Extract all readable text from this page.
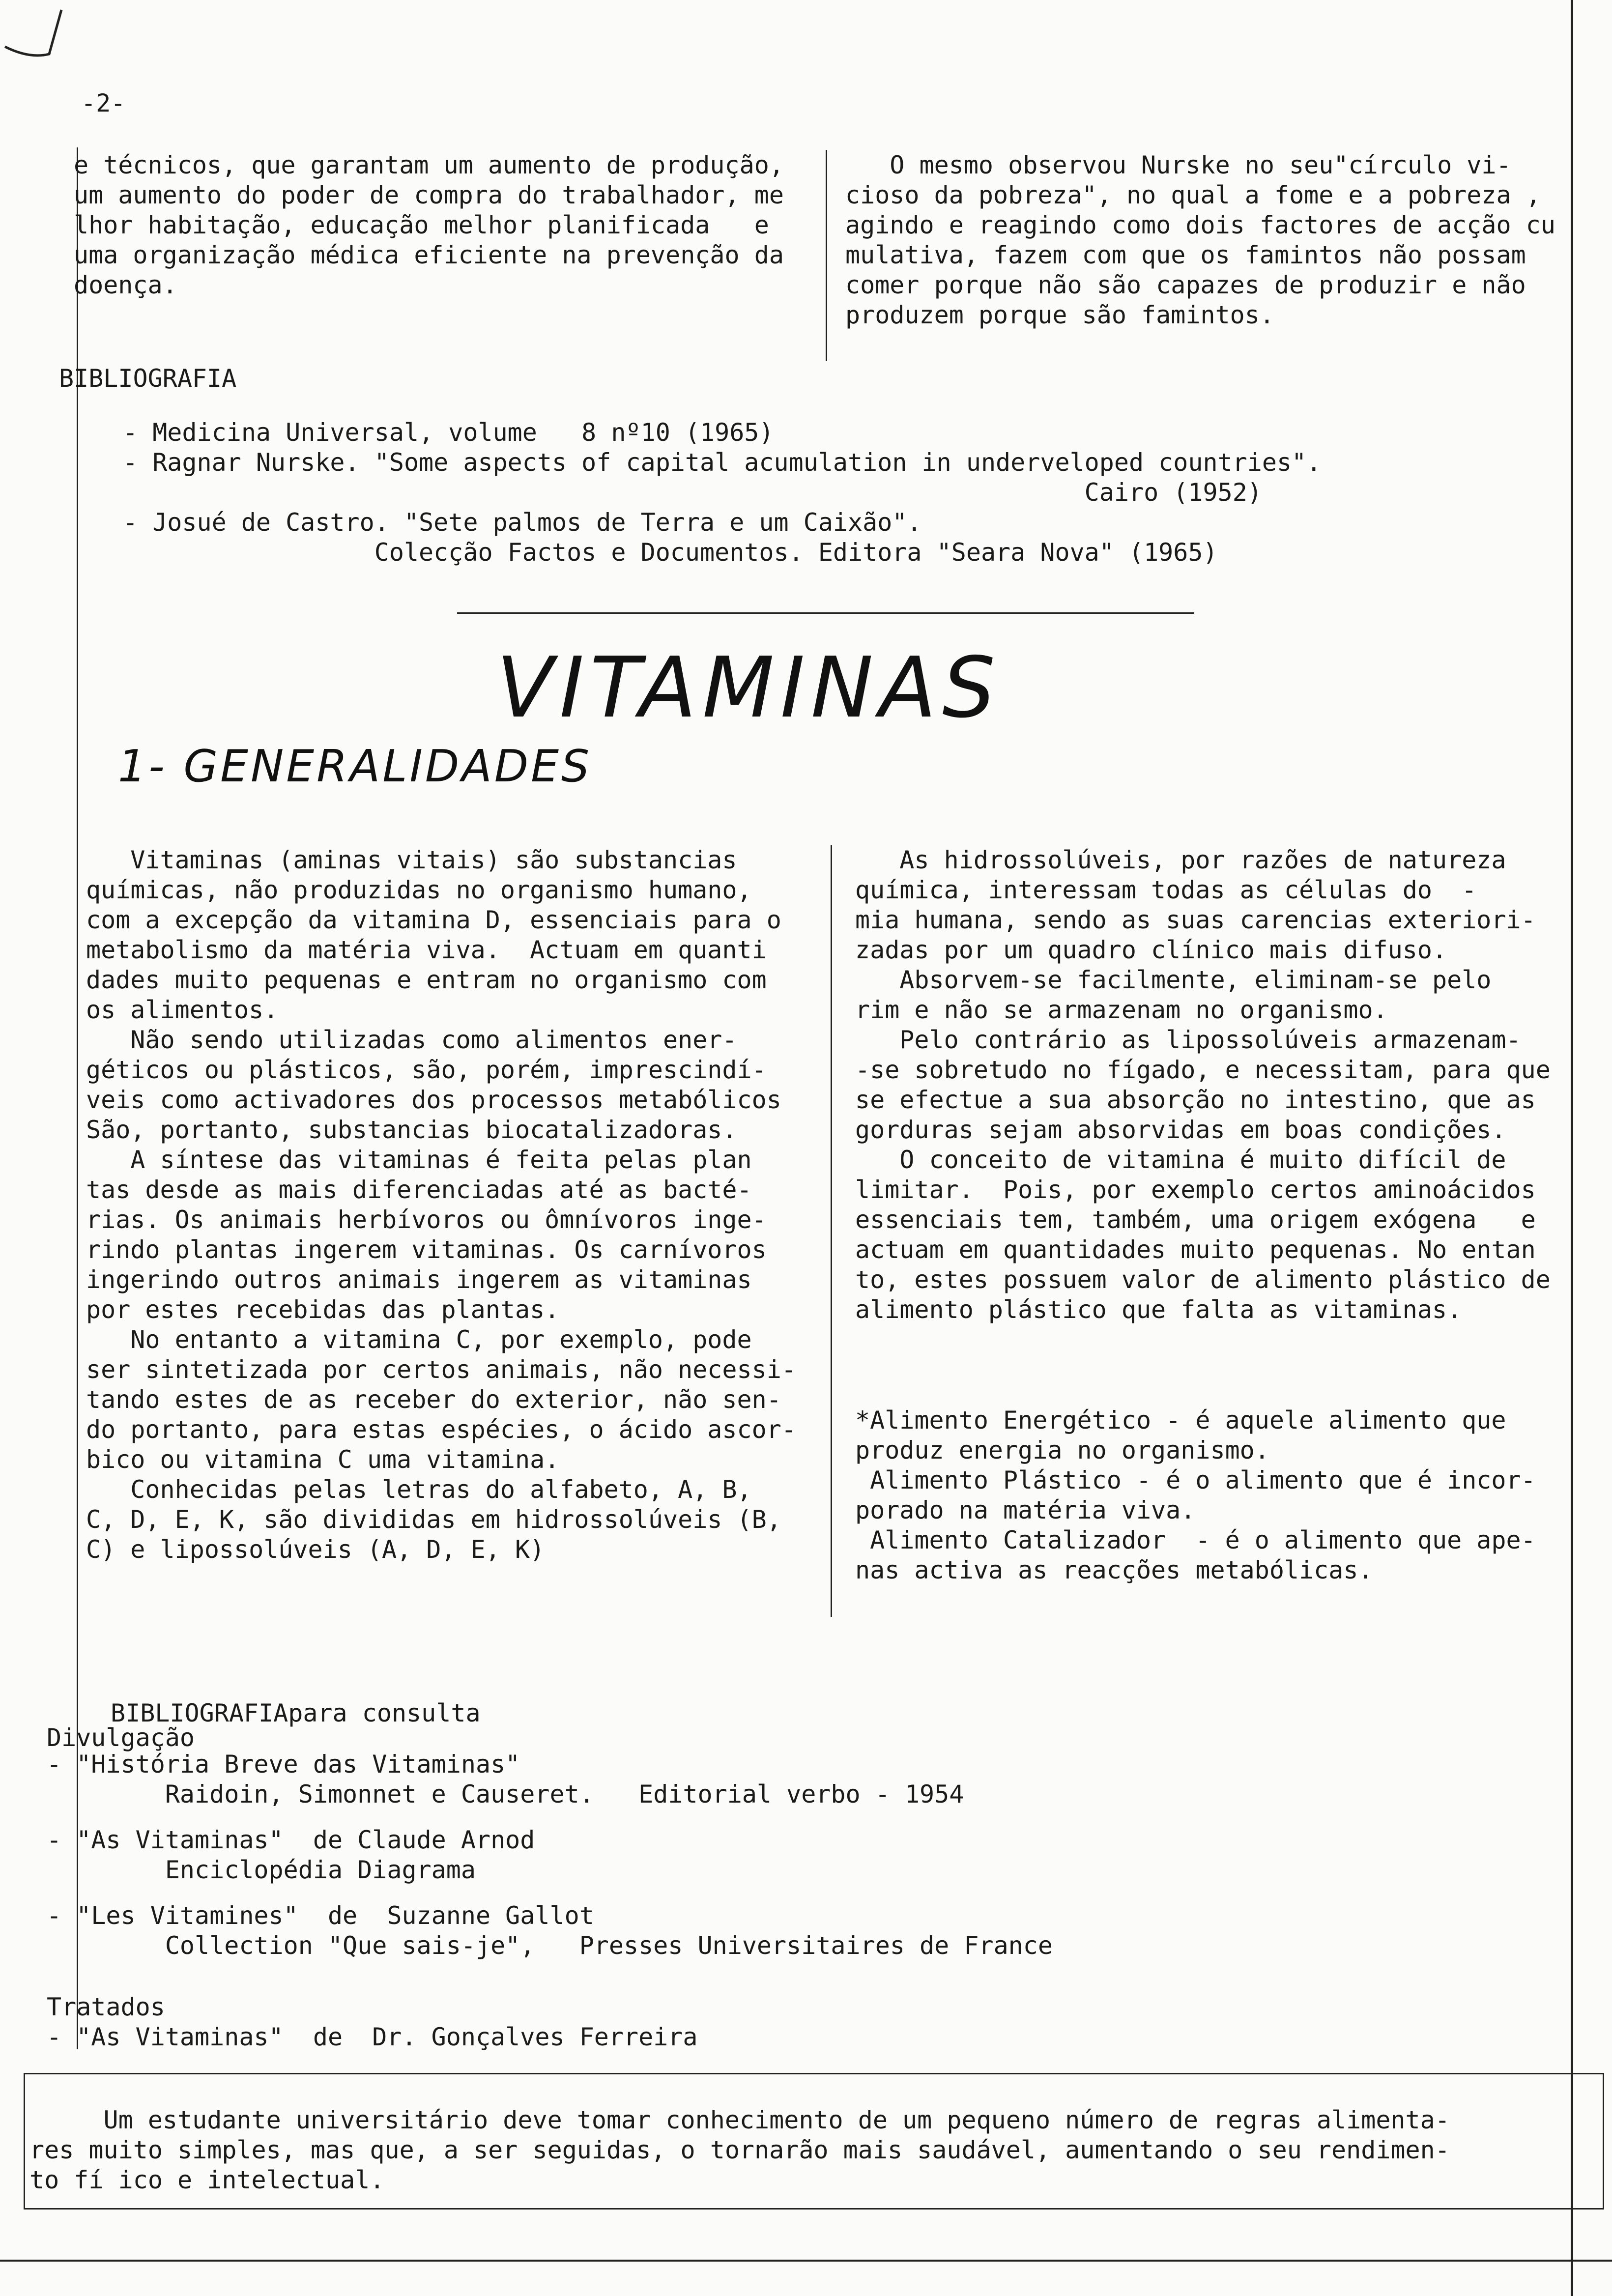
-2-

e técnicos, que garantam um aumento de produção,

um aumento do poder de compra do trabalhador, me

lhor habitação, educação melhor planificada   e

uma organização médica eficiente na prevenção da

doença.

O mesmo observou Nurske no seu"círculo vi-

cioso da pobreza", no qual a fome e a pobreza ,

agindo e reagindo como dois factores de acção cu

mulativa, fazem com que os famintos não possam

comer porque não são capazes de produzir e não

produzem porque são famintos.

BIBLIOGRAFIA

- Medicina Universal, volume   8 nº10 (1965)

- Ragnar Nurske. "Some aspects of capital acumulation in underveloped countries".

Cairo (1952)

- Josué de Castro. "Sete palmos de Terra e um Caixão".

Colecção Factos e Documentos. Editora "Seara Nova" (1965)

VITAMINAS
1- GENERALIDADES

Vitaminas (aminas vitais) são substancias

químicas, não produzidas no organismo humano,

com a excepção da vitamina D, essenciais para o

metabolismo da matéria viva.  Actuam em quanti

dades muito pequenas e entram no organismo com

os alimentos.

Não sendo utilizadas como alimentos ener-

géticos ou plásticos, são, porém, imprescindí-

veis como activadores dos processos metabólicos

São, portanto, substancias biocatalizadoras.

A síntese das vitaminas é feita pelas plan

tas desde as mais diferenciadas até as bacté-

rias. Os animais herbívoros ou ômnívoros inge-

rindo plantas ingerem vitaminas. Os carnívoros

ingerindo outros animais ingerem as vitaminas

por estes recebidas das plantas.

No entanto a vitamina C, por exemplo, pode

ser sintetizada por certos animais, não necessi-

tando estes de as receber do exterior, não sen-

do portanto, para estas espécies, o ácido ascor-

bico ou vitamina C uma vitamina.

Conhecidas pelas letras do alfabeto, A, B,

C, D, E, K, são divididas em hidrossolúveis (B,

C) e lipossolúveis (A, D, E, K)

As hidrossolúveis, por razões de natureza

química, interessam todas as células do  -

mia humana, sendo as suas carencias exteriori-

zadas por um quadro clínico mais difuso.

Absorvem-se facilmente, eliminam-se pelo

rim e não se armazenam no organismo.

Pelo contrário as lipossolúveis armazenam-

-se sobretudo no fígado, e necessitam, para que

se efectue a sua absorção no intestino, que as

gorduras sejam absorvidas em boas condições.

O conceito de vitamina é muito difícil de

limitar.  Pois, por exemplo certos aminoácidos

essenciais tem, também, uma origem exógena   e

actuam em quantidades muito pequenas. No entan

to, estes possuem valor de alimento plástico de

alimento plástico que falta as vitaminas.

*Alimento Energético - é aquele alimento que

produz energia no organismo.

Alimento Plástico - é o alimento que é incor-

porado na matéria viva.

Alimento Catalizador  - é o alimento que ape-

nas activa as reacções metabólicas.

BIBLIOGRAFIApara consulta
Divulgação

- "História Breve das Vitaminas"

Raidoin, Simonnet e Causeret.   Editorial verbo - 1954

- "As Vitaminas"  de Claude Arnod

Enciclopédia Diagrama

- "Les Vitamines"  de  Suzanne Gallot

Collection "Que sais-je",   Presses Universitaires de France

Tratados

- "As Vitaminas"  de  Dr. Gonçalves Ferreira

Um estudante universitário deve tomar conhecimento de um pequeno número de regras alimenta-

res muito simples, mas que, a ser seguidas, o tornarão mais saudável, aumentando o seu rendimen-

to fí ico e intelectual.
